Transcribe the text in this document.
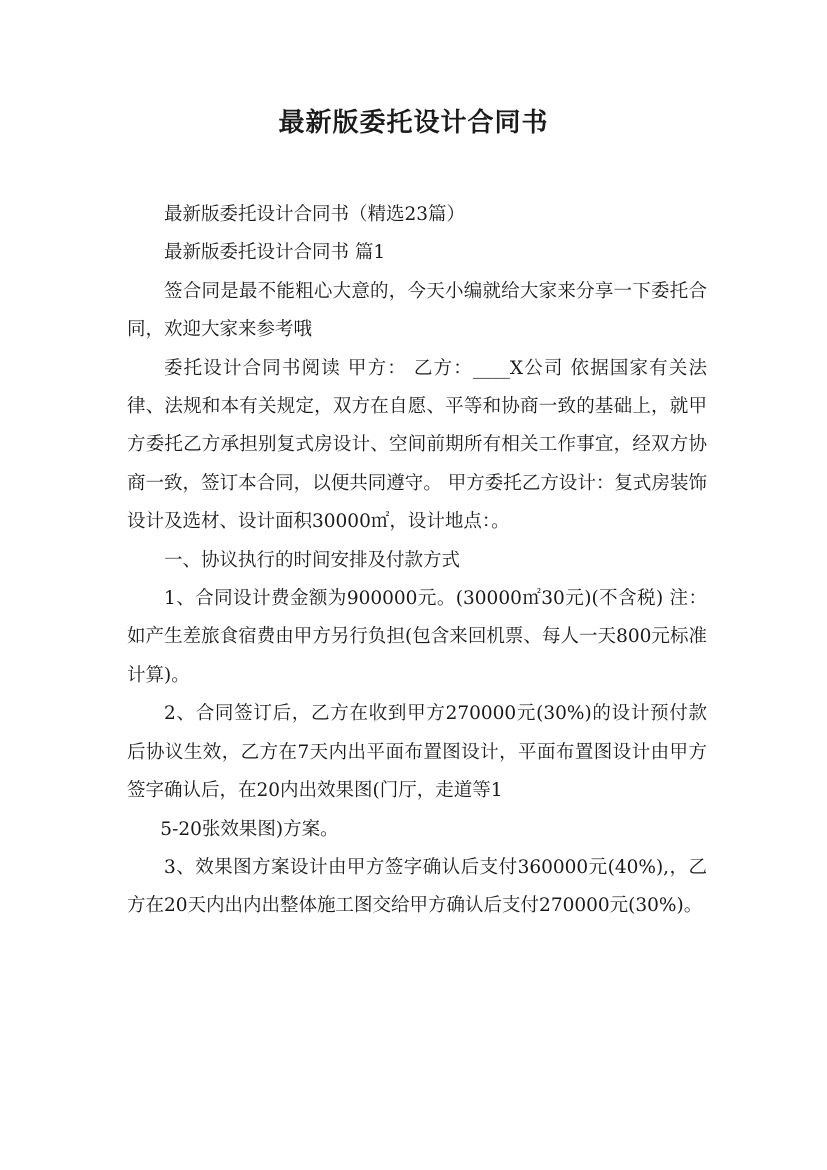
最新版委托设计合同书

最新版委托设计合同书（精选23篇）

最新版委托设计合同书 篇1

签合同是最不能粗心大意的，今天小编就给大家来分享一下委托合同，欢迎大家来参考哦

委托设计合同书阅读 甲方： 乙方：____X公司 依据国家有关法律、法规和本有关规定，双方在自愿、平等和协商一致的基础上，就甲方委托乙方承担别复式房设计、空间前期所有相关工作事宜，经双方协商一致，签订本合同，以便共同遵守。 甲方委托乙方设计：复式房装饰设计及选材、设计面积30000㎡，设计地点：。

一、协议执行的时间安排及付款方式

1、合同设计费金额为900000元。(30000㎡30元)(不含税) 注：如产生差旅食宿费由甲方另行负担(包含来回机票、每人一天800元标准计算)。

2、合同签订后，乙方在收到甲方270000元(30%)的设计预付款后协议生效，乙方在7天内出平面布置图设计，平面布置图设计由甲方签字确认后，在20内出效果图(门厅，走道等1

5-20张效果图)方案。

3、效果图方案设计由甲方签字确认后支付360000元(40%),，乙方在20天内出内出整体施工图交给甲方确认后支付270000元(30%)。
